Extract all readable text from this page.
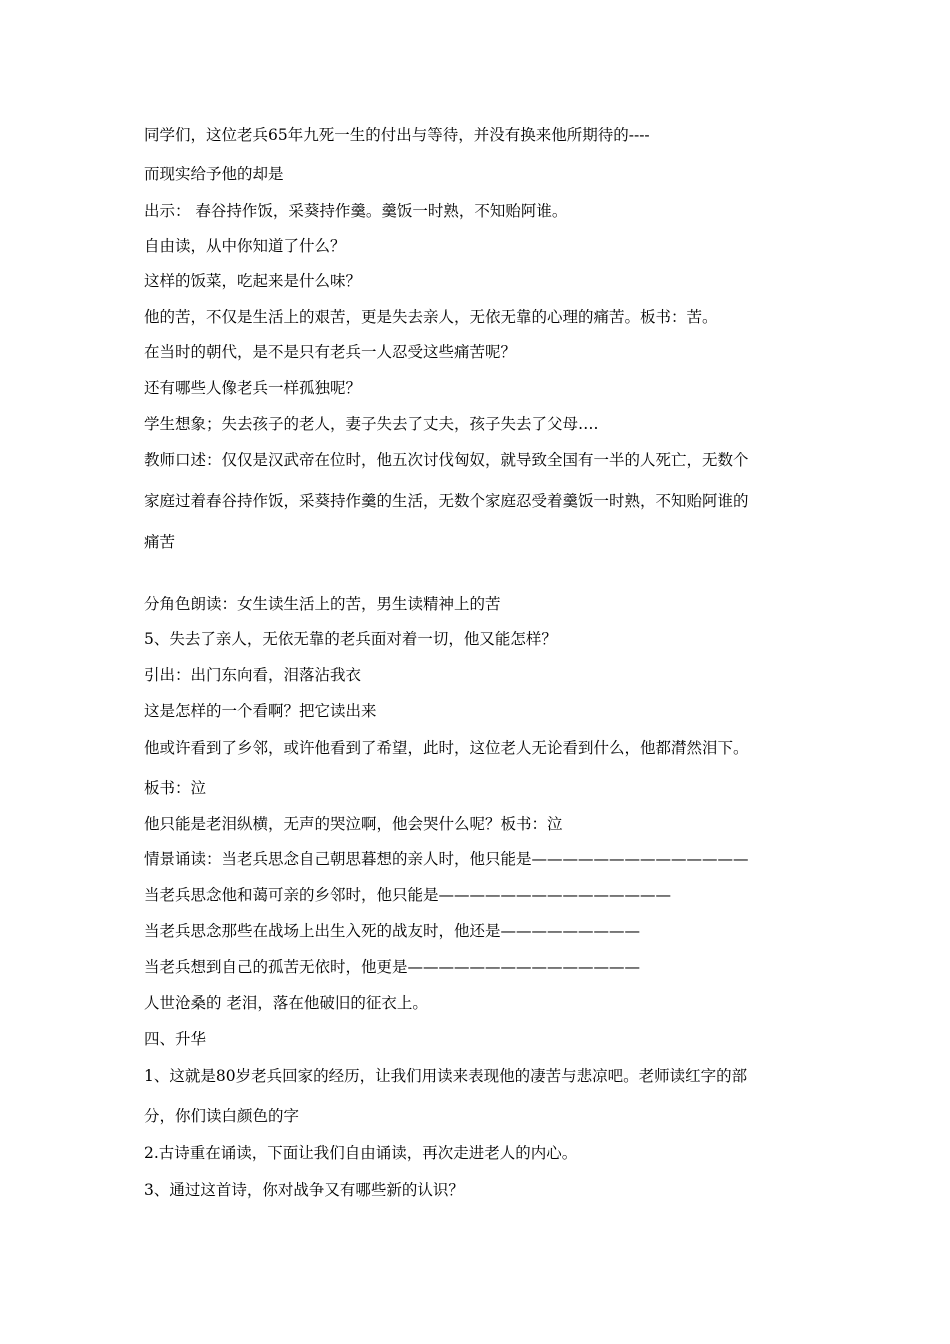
同学们，这位老兵65年九死一生的付出与等待，并没有换来他所期待的----
而现实给予他的却是
出示： 春谷持作饭，采葵持作羹。羹饭一时熟，不知贻阿谁。
自由读，从中你知道了什么？
这样的饭菜，吃起来是什么味？
他的苦，不仅是生活上的艰苦，更是失去亲人，无依无靠的心理的痛苦。板书：苦。
在当时的朝代，是不是只有老兵一人忍受这些痛苦呢？
还有哪些人像老兵一样孤独呢？
学生想象；失去孩子的老人，妻子失去了丈夫，孩子失去了父母….
教师口述：仅仅是汉武帝在位时，他五次讨伐匈奴，就导致全国有一半的人死亡，无数个
家庭过着春谷持作饭，采葵持作羹的生活，无数个家庭忍受着羹饭一时熟，不知贻阿谁的
痛苦
分角色朗读：女生读生活上的苦，男生读精神上的苦
5、失去了亲人，无依无靠的老兵面对着一切，他又能怎样？
引出：出门东向看，泪落沾我衣
这是怎样的一个看啊？把它读出来
他或许看到了乡邻，或许他看到了希望，此时，这位老人无论看到什么，他都潸然泪下。
板书：泣
他只能是老泪纵横，无声的哭泣啊，他会哭什么呢？板书：泣
情景诵读：当老兵思念自己朝思暮想的亲人时，他只能是——————————————
当老兵思念他和蔼可亲的乡邻时，他只能是———————————————
当老兵思念那些在战场上出生入死的战友时，他还是—————————
当老兵想到自己的孤苦无依时，他更是———————————————
人世沧桑的 老泪，落在他破旧的征衣上。
四、升华
1、这就是80岁老兵回家的经历，让我们用读来表现他的凄苦与悲凉吧。老师读红字的部
分，你们读白颜色的字
2.古诗重在诵读，下面让我们自由诵读，再次走进老人的内心。
3、通过这首诗，你对战争又有哪些新的认识？
